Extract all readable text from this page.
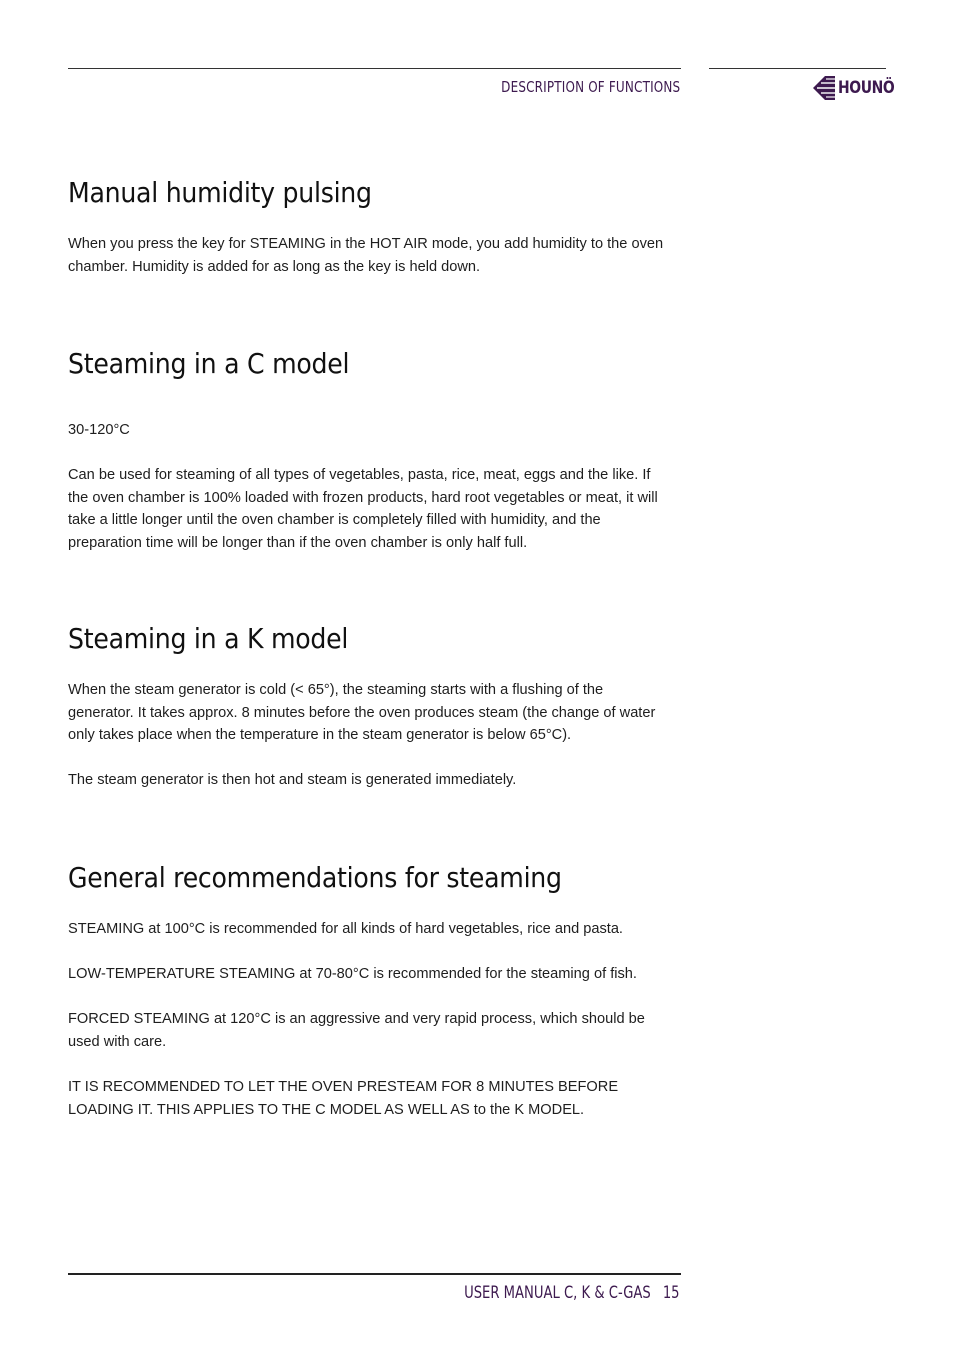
DESCRIPTION OF FUNCTIONS	HOUNÖ
Manual humidity pulsing

When you press the key for STEAMING in the HOT AIR mode, you add humidity to the oven chamber. Humidity is added for as long as the key is held down.

Steaming in a C model

30-120°C

Can be used for steaming of all types of vegetables, pasta, rice, meat, eggs and the like. If the oven chamber is 100% loaded with frozen products, hard root vegetables or meat, it will take a little longer until the oven chamber is completely filled with humidity, and the preparation time will be longer than if the oven chamber is only half full.

Steaming in a K model

When the steam generator is cold (< 65°), the steaming starts with a flushing of the generator. It takes approx. 8 minutes before the oven produces steam (the change of water only takes place when the temperature in the steam generator is below 65°C).

The steam generator is then hot and steam is generated immediately.

General recommendations for steaming

STEAMING at 100°C is recommended for all kinds of hard vegetables, rice and pasta.

LOW-TEMPERATURE STEAMING at 70-80°C is recommended for the steaming of fish.

FORCED STEAMING at 120°C is an aggressive and very rapid process, which should be used with care.

IT IS RECOMMENDED TO LET THE OVEN PRESTEAM FOR 8 MINUTES BEFORE LOADING IT. THIS APPLIES TO THE C MODEL AS WELL AS to the K MODEL.

USER MANUAL C, K & C-GAS 15
